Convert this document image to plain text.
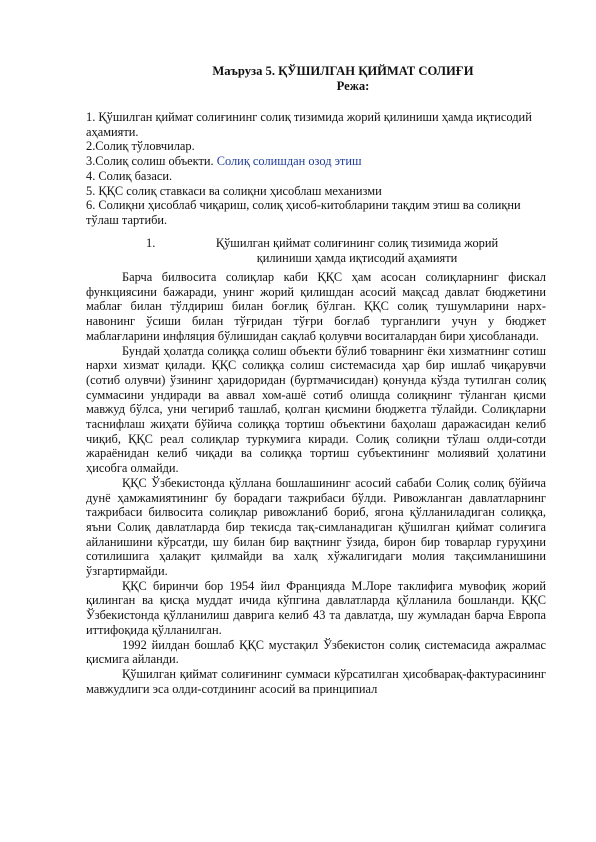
Маъруза 5. ҚЎШИЛГАН ҚИЙМАТ СОЛИҒИ
Режа:
1. Қўшилган қиймат солиғининг солиқ тизимида жорий қилиниши ҳамда иқтисодий аҳамияти.
2.Солиқ тўловчилар.
3.Солиқ солиш объекти. Солиқ солишдан озод этиш
4. Солиқ базаси.
5. ҚҚС солиқ ставкаси ва солиқни ҳисоблаш механизми
6. Солиқни ҳисоблаб чиқариш, солиқ ҳисоб-китобларини тақдим этиш ва солиқни тўлаш тартиби.
1.	Қўшилган қиймат солиғининг солиқ тизимида жорий
қилиниши ҳамда иқтисодий аҳамияти

Барча билвосита солиқлар каби ҚҚС ҳам асосан солиқларнинг фискал функциясини бажаради, унинг жорий қилишдан асосий мақсад давлат бюджетини маблағ билан тўлдириш билан боғлиқ бўлган. ҚҚС солиқ тушумларини нарх-навонинг ўсиши билан тўғридан тўғри боғлаб турганлиги учун у бюджет маблағларини инфляция бўлишидан сақлаб қолувчи воситалардан бири ҳисобланади.

Бундай ҳолатда солиққа солиш объекти бўлиб товарнинг ёки хизматнинг сотиш нархи хизмат қилади. ҚҚС солиққа солиш системасида ҳар бир ишлаб чиқарувчи (сотиб олувчи) ўзининг ҳаридоридан (буртмачисидан) қонунда кўзда тутилган солиқ суммасини ундиради ва аввал хом-ашё сотиб олишда солиқнинг тўланган қисми мавжуд бўлса, уни чегириб ташлаб, қолган қисмини бюджетга тўлайди. Солиқларни таснифлаш жиҳати бўйича солиққа тортиш объектини баҳолаш даражасидан келиб чиқиб, ҚҚС реал солиқлар туркумига киради. Солиқ солиқни тўлаш олди-сотди жараёнидан келиб чиқади ва солиққа тортиш субъектининг молиявий ҳолатини ҳисобга олмайди.

ҚҚС Ўзбекистонда қўллана бошлашининг асосий сабаби Солиқ солиқ бўйича дунё ҳамжамиятининг бу борадаги тажрибаси бўлди. Ривожланган давлатларнинг тажрибаси билвосита солиқлар ривожланиб бориб, ягона қўлланиладиган солиққа, яъни Солиқ давлатларда бир текисда тақ-симланадиган қўшилган қиймат солиғига айланишини кўрсатди, шу билан бир вақтнинг ўзида, бирон бир товарлар гуруҳини сотилишига ҳалақит қилмайди ва халқ хўжалигидаги молия тақсимланишини ўзгартирмайди.

ҚҚС биринчи бор 1954 йил Францияда М.Лоре таклифига мувофиқ жорий қилинган ва қисқа муддат ичида кўпгина давлатларда қўлланила бошланди. ҚҚС Ўзбекистонда қўлланилиш давригa келиб 43 та давлатда, шу жумладан барча Европа иттифоқида қўлланилган.

1992 йилдан бошлаб ҚҚС мустақил Ўзбекистон солиқ системасида ажралмас қисмига айланди.

Қўшилган қиймат солиғининг суммаси кўрсатилган ҳисобварақ-фактурасининг мавжудлиги эса олди-сотдининг асосий ва принципиал
